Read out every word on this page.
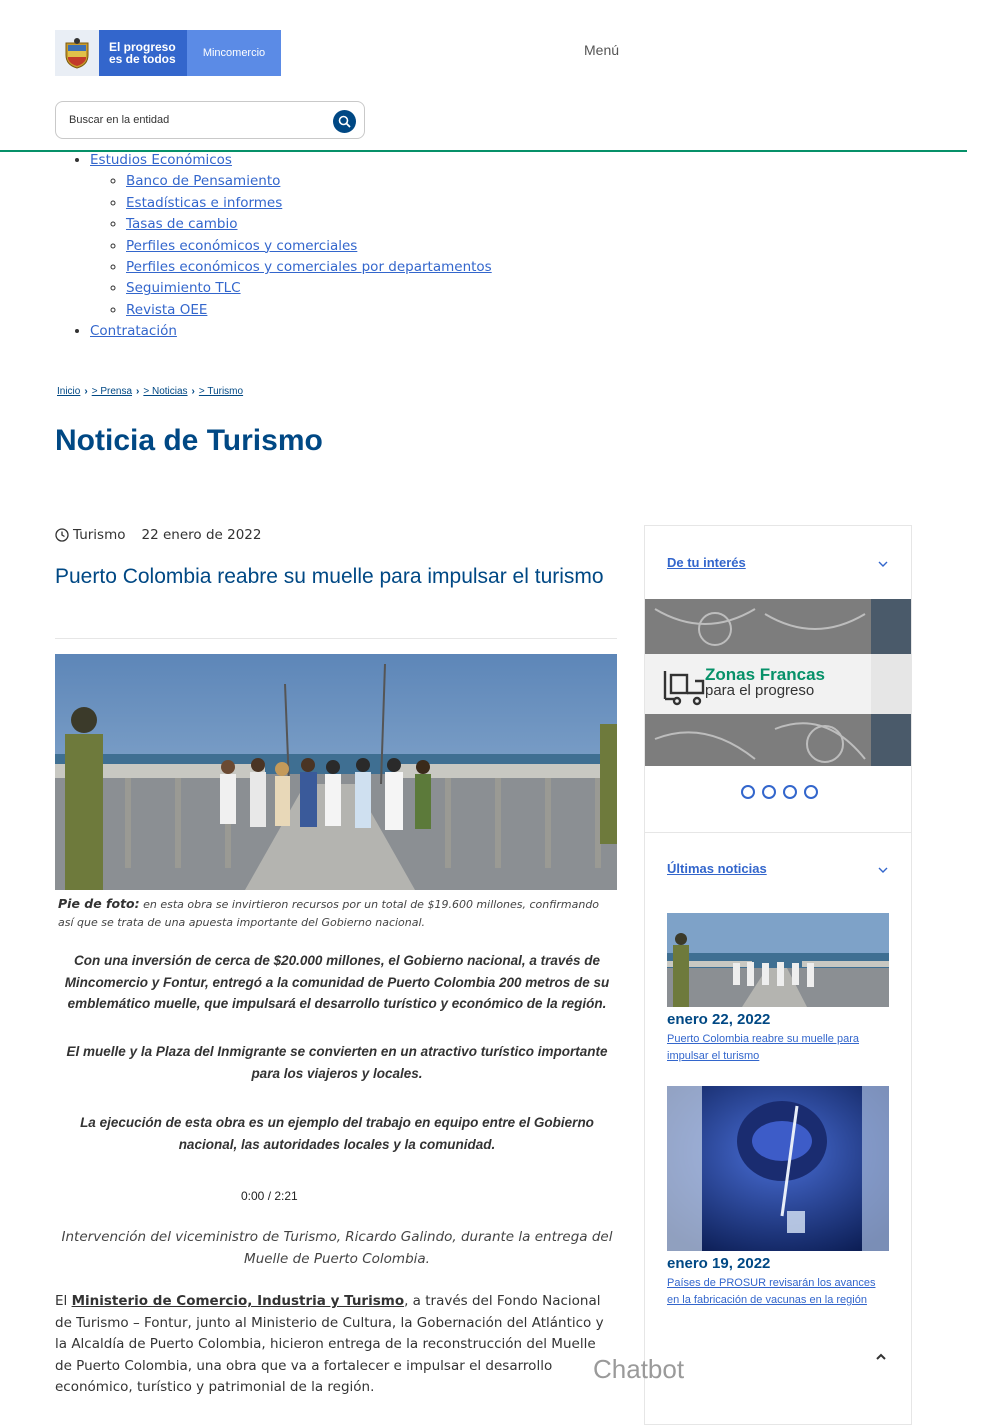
El progreso
es de todos	Mincomercio	Menú
Buscar en la entidad
• Estudios Económicos
◦ Banco de Pensamiento
◦ Estadísticas e informes
◦ Tasas de cambio
◦ Perfiles económicos y comerciales
◦ Perfiles económicos y comerciales por departamentos
◦ Seguimiento TLC
◦ Revista OEE
• Contratación
Inicio › > Prensa › > Noticias › > Turismo
Noticia de Turismo
Turismo 22 enero de 2022
Puerto Colombia reabre su muelle para impulsar el turismo
Pie de foto: en esta obra se invirtieron recursos por un total de $19.600 millones, confirmando así que se trata de una apuesta importante del Gobierno nacional.
Con una inversión de cerca de $20.000 millones, el Gobierno nacional, a través de Mincomercio y Fontur, entregó a la comunidad de Puerto Colombia 200 metros de su emblemático muelle, que impulsará el desarrollo turístico y económico de la región.
El muelle y la Plaza del Inmigrante se convierten en un atractivo turístico importante para los viajeros y locales.
La ejecución de esta obra es un ejemplo del trabajo en equipo entre el Gobierno nacional, las autoridades locales y la comunidad.
0:00 / 2:21
Intervención del viceministro de Turismo, Ricardo Galindo, durante la entrega del Muelle de Puerto Colombia.
El Ministerio de Comercio, Industria y Turismo, a través del Fondo Nacional de Turismo – Fontur, junto al Ministerio de Cultura, la Gobernación del Atlántico y la Alcaldía de Puerto Colombia, hicieron entrega de la reconstrucción del Muelle de Puerto Colombia, una obra que va a fortalecer e impulsar el desarrollo económico, turístico y patrimonial de la región.
De tu interés
Zonas Francas
para el progreso
Últimas noticias
enero 22, 2022
Puerto Colombia reabre su muelle para impulsar el turismo
enero 19, 2022
Países de PROSUR revisarán los avances en la fabricación de vacunas en la región
Chatbot
